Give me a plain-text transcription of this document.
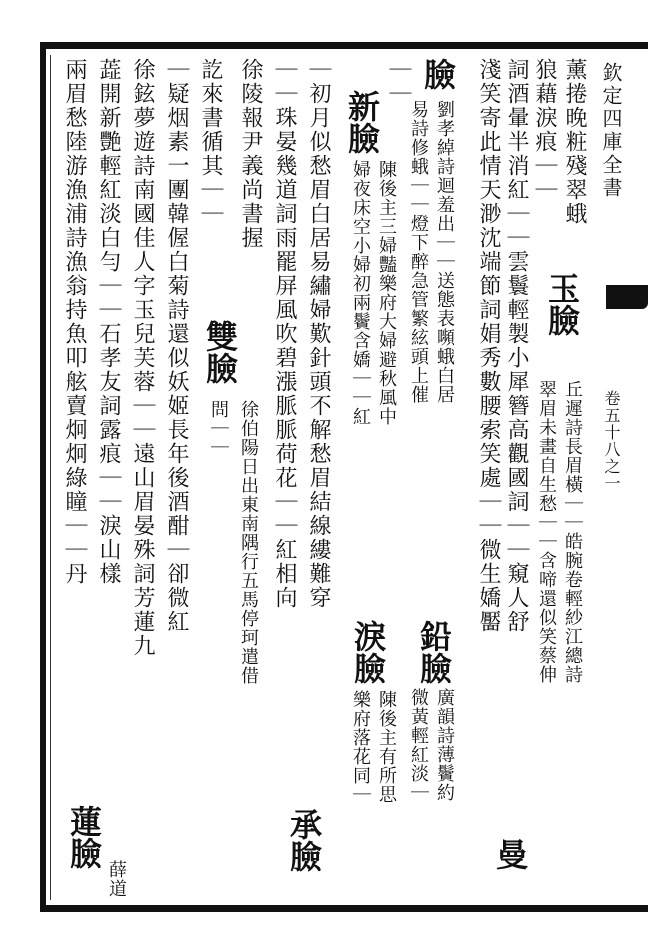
欽定四庫全書
卷五十八之一
薰捲晚粧殘翠蛾
狼藉淚痕｜｜
玉臉
丘遲詩長眉橫｜｜皓腕卷輕紗江總詩
翠眉未畫自生愁｜｜含啼還似笑蔡伸
詞酒暈半消紅｜｜雲鬟輕製小犀簪高觀國詞｜｜窺人舒
淺笑寄此情天渺沈端節詞娟秀數腰索笑處｜｜微生嬌靨
曼
臉
劉孝綽詩迴羞出｜｜送態表嚬蛾白居
易詩修蛾｜｜燈下醉急管繁絃頭上催
鉛臉
廣韻詩薄鬢約
微黃輕紅淡｜
｜｜
新臉
陳後主三婦豔樂府大婦避秋風中
婦夜床空小婦初兩鬢含嬌｜｜紅
淚臉
陳後主有所思
樂府落花同｜
｜初月似愁眉白居易繡婦歎針頭不解愁眉結線縷難穿
｜｜珠晏幾道詞雨罷屏風吹碧漲脈脈荷花｜｜紅相向
承臉
徐陵報尹義尚書握
雙臉
徐伯陽日出東南隅行五馬停珂遣借
問｜｜
訖來書循其｜｜
｜疑烟素一團韓偓白菊詩還似妖姬長年後酒酣｜卻微紅
徐鉉夢遊詩南國佳人字玉兒芙蓉｜｜遠山眉晏殊詞芳蓮九
蕋開新艷輕紅淡白勻｜｜石孝友詞露痕｜｜淚山樣
兩眉愁陸游漁浦詩漁翁持魚叩舷賣炯炯綠瞳｜｜丹
蓮臉
薛道
